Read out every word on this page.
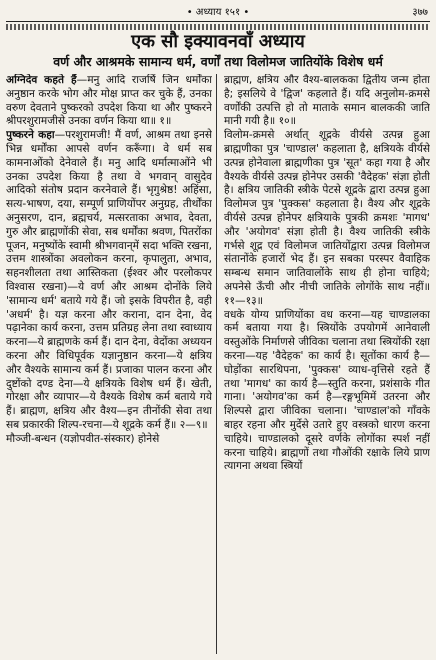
• अध्याय १५१ •	३७७
एक सौ इक्यावनवाँ अध्याय
वर्ण और आश्रमके सामान्य धर्म, वर्णों तथा विलोमज जातियोंके विशेष धर्म

अग्निदेव कहते हैं—मनु आदि राजर्षि जिन धर्मोंका अनुष्ठान करके भोग और मोक्ष प्राप्त कर चुके हैं, उनका वरुण देवताने पुष्करको उपदेश किया था और पुष्करने श्रीपरशुरामजीसे उनका वर्णन किया था॥ १॥

पुष्करने कहा—परशुरामजी! मैं वर्ण, आश्रम तथा इनसे भिन्न धर्मोंका आपसे वर्णन करूँगा। वे धर्म सब कामनाओंको देनेवाले हैं। मनु आदि धर्मात्माओंने भी उनका उपदेश किया है तथा वे भगवान् वासुदेव आदिको संतोष प्रदान करनेवाले हैं। भृगुश्रेष्ठ! अहिंसा, सत्य-भाषण, दया, सम्पूर्ण प्राणियोंपर अनुग्रह, तीर्थोंका अनुसरण, दान, ब्रह्मचर्य, मत्सरताका अभाव, देवता, गुरु और ब्राह्मणोंकी सेवा, सब धर्मोंका श्रवण, पितरोंका पूजन, मनुष्योंके स्वामी श्रीभगवान्‌में सदा भक्ति रखना, उत्तम शास्त्रोंका अवलोकन करना, कृपालुता, अभाव, सहनशीलता तथा आस्तिकता (ईश्वर और परलोकपर विश्वास रखना)—ये वर्ण और आश्रम दोनोंके लिये 'सामान्य धर्म' बताये गये हैं। जो इसके विपरीत है, वही 'अधर्म' है। यज्ञ करना और कराना, दान देना, वेद पढ़ानेका कार्य करना, उत्तम प्रतिग्रह लेना तथा स्वाध्याय करना—ये ब्राह्मणके कर्म हैं। दान देना, वेदोंका अध्ययन करना और विधिपूर्वक यज्ञानुष्ठान करना—ये क्षत्रिय और वैश्यके सामान्य कर्म हैं। प्रजाका पालन करना और दुष्टोंको दण्ड देना—ये क्षत्रियके विशेष धर्म हैं। खेती, गोरक्षा और व्यापार—ये वैश्यके विशेष कर्म बताये गये हैं। ब्राह्मण, क्षत्रिय और वैश्य—इन तीनोंकी सेवा तथा सब प्रकारकी शिल्प-रचना—ये शूद्रके कर्म हैं॥ २—९॥

मौञ्जी-बन्धन (यज्ञोपवीत-संस्कार) होनेसे

ब्राह्मण, क्षत्रिय और वैश्य-बालकका द्वितीय जन्म होता है; इसलिये वे 'द्विज' कहलाते हैं। यदि अनुलोम-क्रमसे वर्णोंकी उत्पत्ति हो तो माताके समान बालककी जाति मानी गयी है॥ १०॥

विलोम-क्रमसे अर्थात् शूद्रके वीर्यसे उत्पन्न हुआ ब्राह्मणीका पुत्र 'चाण्डाल' कहलाता है, क्षत्रियके वीर्यसे उत्पन्न होनेवाला ब्राह्मणीका पुत्र 'सूत' कहा गया है और वैश्यके वीर्यसे उत्पन्न होनेपर उसकी 'वैदेहक' संज्ञा होती है। क्षत्रिय जातिकी स्त्रीके पेटसे शूद्रके द्वारा उत्पन्न हुआ विलोमज पुत्र 'पुक्कस' कहलाता है। वैश्य और शूद्रके वीर्यसे उत्पन्न होनेपर क्षत्रियाके पुत्रकी क्रमशः 'मागध' और 'अयोगव' संज्ञा होती है। वैश्य जातिकी स्त्रीके गर्भसे शूद्र एवं विलोमज जातियोंद्वारा उत्पन्न विलोमज संतानोंके हजारों भेद हैं। इन सबका परस्पर वैवाहिक सम्बन्ध समान जातिवालोंके साथ ही होना चाहिये; अपनेसे ऊँची और नीची जातिके लोगोंके साथ नहीं॥ ११—१३॥

वधके योग्य प्राणियोंका वध करना—यह चाण्डालका कर्म बताया गया है। स्त्रियोंके उपयोगमें आनेवाली वस्तुओंके निर्माणसे जीविका चलाना तथा स्त्रियोंकी रक्षा करना—यह 'वैदेहक' का कार्य है। सूतोंका कार्य है—घोड़ोंका सारथिपना, 'पुक्कस' व्याध-वृत्तिसे रहते हैं तथा 'मागध' का कार्य है—स्तुति करना, प्रशंसाके गीत गाना। 'अयोगव'का कर्म है—रङ्गभूमिमें उतरना और शिल्पसे द्वारा जीविका चलाना। 'चाण्डाल'को गाँवके बाहर रहना और मुर्देसे उतारे हुए वस्त्रको धारण करना चाहिये। चाण्डालको दूसरे वर्णके लोगोंका स्पर्श नहीं करना चाहिये। ब्राह्मणों तथा गौओंकी रक्षाके लिये प्राण त्यागना अथवा स्त्रियों
